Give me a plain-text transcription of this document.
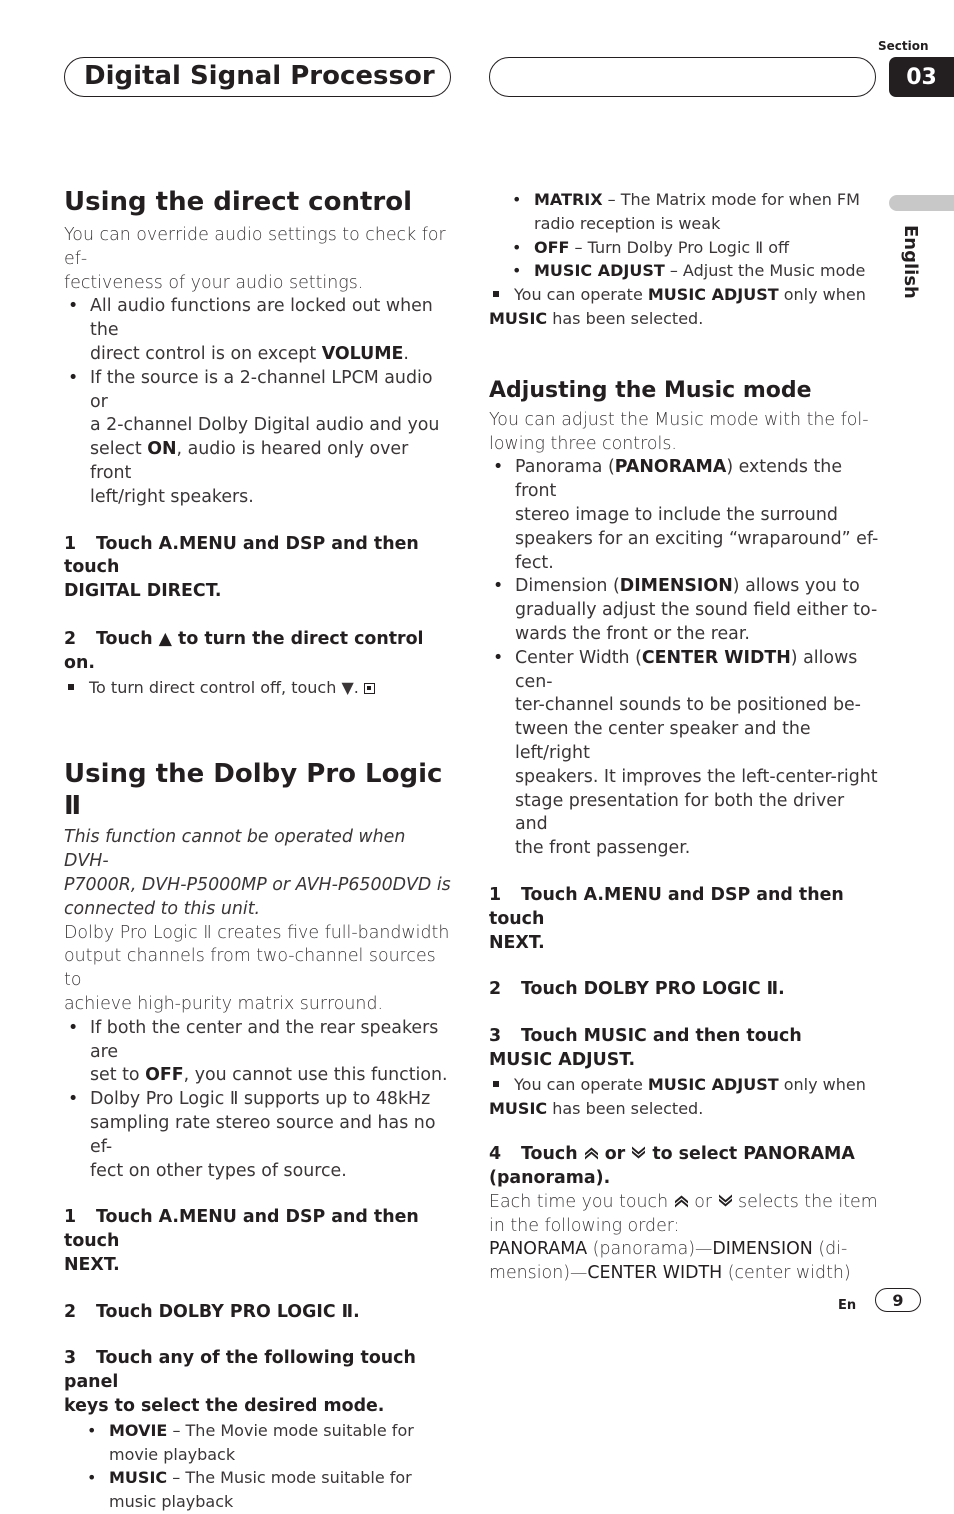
Digital Signal Processor
Section
03
English
Using the direct control

You can override audio settings to check for ef-
fectiveness of your audio settings.

• All audio functions are locked out when the
direct control is on except VOLUME.
• If the source is a 2-channel LPCM audio or
a 2-channel Dolby Digital audio and you
select ON, audio is heared only over front
left/right speakers.

1 Touch A.MENU and DSP and then touch
DIGITAL DIRECT.

2 Touch ▲ to turn the direct control on.

To turn direct control off, touch ▼.

Using the Dolby Pro Logic Ⅱ

This function cannot be operated when DVH-
P7000R, DVH-P5000MP or AVH-P6500DVD is
connected to this unit.

Dolby Pro Logic Ⅱ creates five full-bandwidth
output channels from two-channel sources to
achieve high-purity matrix surround.

• If both the center and the rear speakers are
set to OFF, you cannot use this function.
• Dolby Pro Logic Ⅱ supports up to 48kHz
sampling rate stereo source and has no ef-
fect on other types of source.

1 Touch A.MENU and DSP and then touch
NEXT.

2 Touch DOLBY PRO LOGIC Ⅱ.

3 Touch any of the following touch panel
keys to select the desired mode.

• MOVIE – The Movie mode suitable for
movie playback
• MUSIC – The Music mode suitable for
music playback
• MATRIX – The Matrix mode for when FM
radio reception is weak
• OFF – Turn Dolby Pro Logic Ⅱ off
• MUSIC ADJUST – Adjust the Music mode

You can operate MUSIC ADJUST only when
MUSIC has been selected.

Adjusting the Music mode

You can adjust the Music mode with the fol-
lowing three controls.

• Panorama (PANORAMA) extends the front
stereo image to include the surround
speakers for an exciting “wraparound” ef-
fect.
• Dimension (DIMENSION) allows you to
gradually adjust the sound field either to-
wards the front or the rear.
• Center Width (CENTER WIDTH) allows cen-
ter-channel sounds to be positioned be-
tween the center speaker and the left/right
speakers. It improves the left-center-right
stage presentation for both the driver and
the front passenger.

1 Touch A.MENU and DSP and then touch
NEXT.

2 Touch DOLBY PRO LOGIC Ⅱ.

3 Touch MUSIC and then touch
MUSIC ADJUST.

You can operate MUSIC ADJUST only when
MUSIC has been selected.

4 Touch or to select PANORAMA
(panorama).

Each time you touch or selects the item
in the following order:
PANORAMA (panorama)—DIMENSION (di-
mension)—CENTER WIDTH (center width)

En 9
